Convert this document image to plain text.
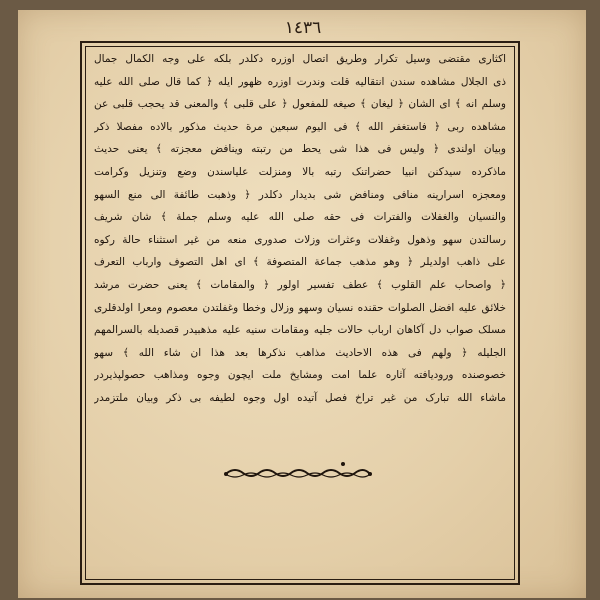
١٤٣٦
اكثاری مقتضی وسیل تکرار وطریق اتصال اوزره دکلدر بلکه علی وجه الکمال جمال
ذی الجلال مشاهده سندن انتقالیه قلت وندرت اوزره ظهور ایله ﴿ کما قال صلی الله علیه
وسلم انه ﴾ ای الشان ﴿ لیغان ﴾ صیغه للمفعول ﴿ علی قلبی ﴾ والمعنی قد یحجب قلبی عن
مشاهده ربی ﴿ فاستغفر الله ﴾ فی الیوم سبعین مرة حدیث مذکور بالاده مفصلا ذکر
وبیان اولندی ﴿ ولیس فی هذا شی یحط من رتبته وینافض معجزته ﴾ یعنی حدیث
ماذکرده سیدکنن انبیا حضراتنک رتبه بالا ومنزلت علیاسندن وضع وتنزیل وکرامت
ومعجزه اسرارینه منافی ومنافض شی بدیدار دکلدر ﴿ وذهبت طائفة الی منع السهو
والنسیان والغفلات والفترات فی حقه صلی الله علیه وسلم جملة ﴾ شان شریف
رسالتدن سهو وذهول وغفلات وعثرات وزلات صدوری منعه من غیر استثناء حالة رکوه
علی ذاهب اولدیلر ﴿ وهو مذهب جماعة المتصوفة ﴾ ای اهل التصوف وارباب التعرف
﴿ واصحاب علم القلوب ﴾ عطف تفسیر اولور ﴿ والمقامات ﴾ یعنی حضرت مرشد
خلائق علیه افضل الصلوات حقنده نسیان وسهو وزلال وخطا وغفلتدن معصوم ومعرا اولدقلری
مسلک صواب دل آکاهان ارباب حالات جلیه ومقامات سنیه علیه مذهبیدر قصدیله بالسرالمهم
الجلیله ﴿ ولهم فی هذه الاحادیث مذاهب نذکرها بعد هذا ان شاء الله ﴾ سهو
خصوصنده ورودیافته آثاره علما امت ومشایخ ملت ایچون وجوه ومذاهب حصولپذیردر
ماشاء الله تبارک من غیر تراخ فصل آتیده اول وجوه لطیفه بی ذکر وبیان ملتزمدر
